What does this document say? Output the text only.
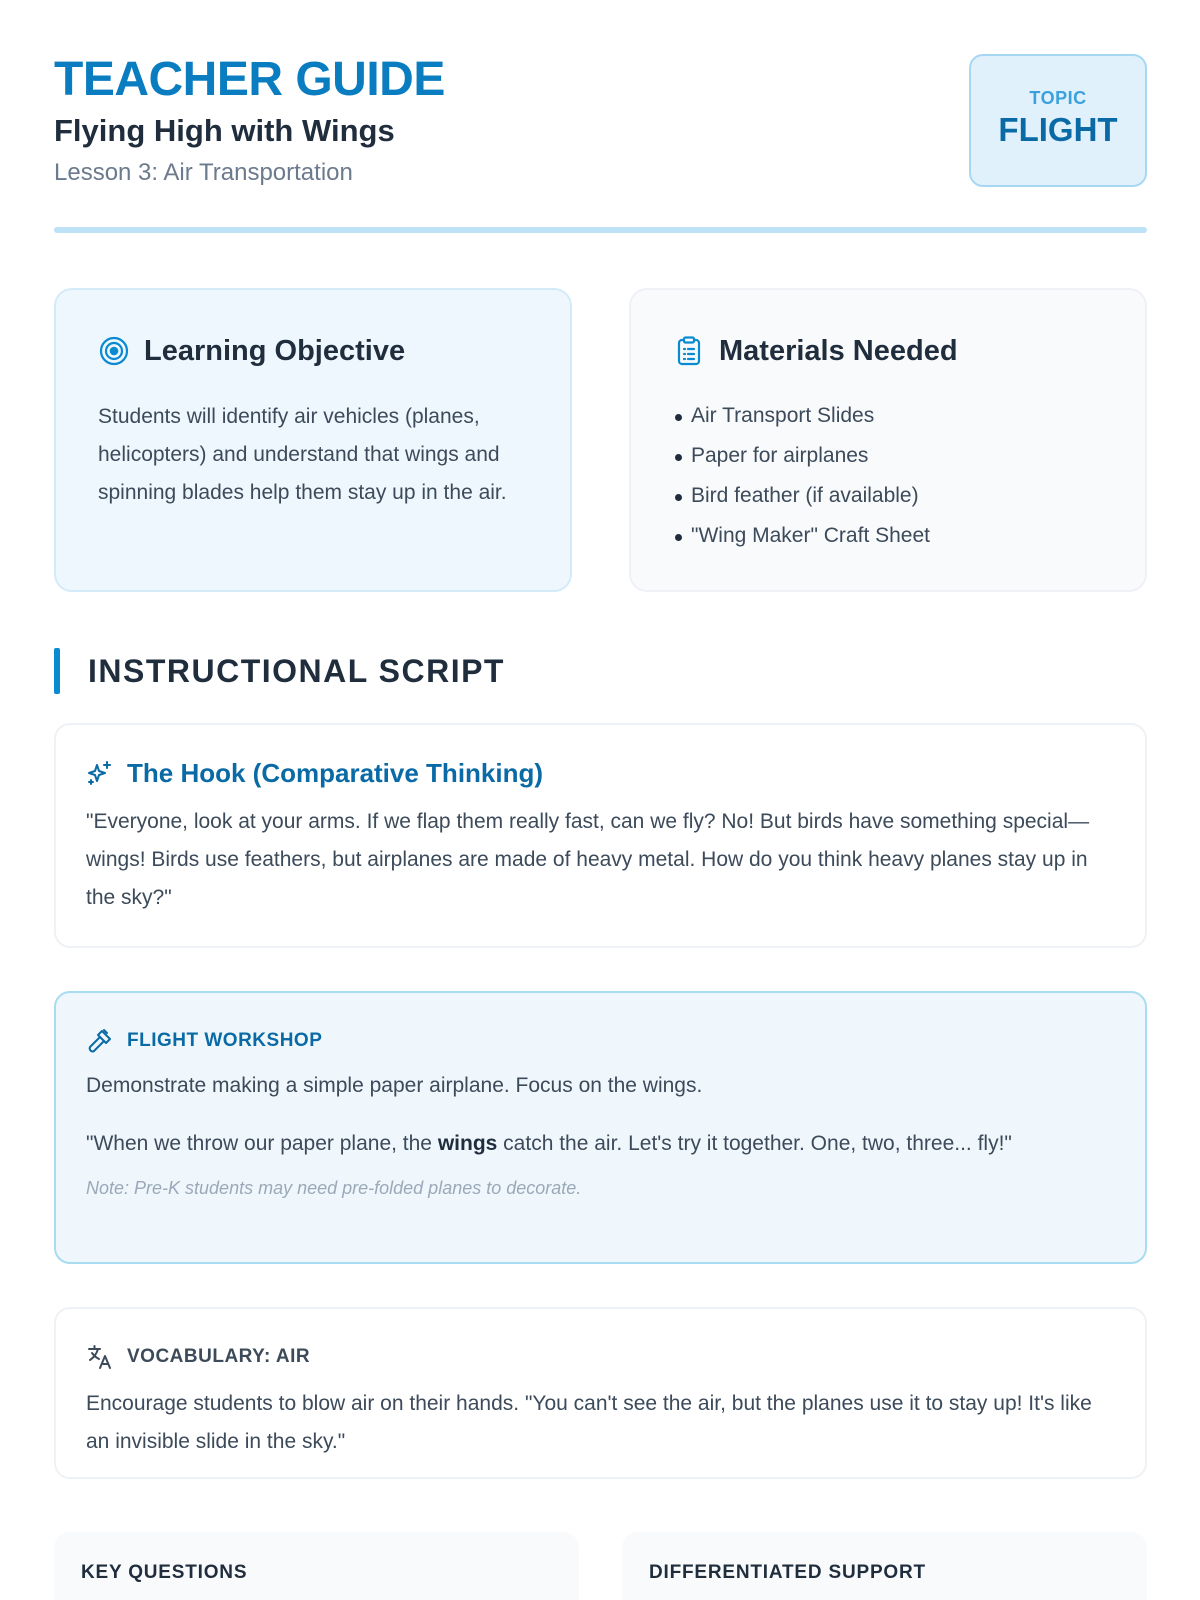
TEACHER GUIDE
Flying High with Wings
Lesson 3: Air Transportation
TOPIC
FLIGHT
Learning Objective
Students will identify air vehicles (planes, helicopters) and understand that wings and spinning blades help them stay up in the air.
Materials Needed
Air Transport Slides
Paper for airplanes
Bird feather (if available)
"Wing Maker" Craft Sheet
INSTRUCTIONAL SCRIPT
The Hook (Comparative Thinking)
"Everyone, look at your arms. If we flap them really fast, can we fly? No! But birds have something special—wings! Birds use feathers, but airplanes are made of heavy metal. How do you think heavy planes stay up in the sky?"
FLIGHT WORKSHOP
Demonstrate making a simple paper airplane. Focus on the wings.
"When we throw our paper plane, the wings catch the air. Let's try it together. One, two, three... fly!"
Note: Pre-K students may need pre-folded planes to decorate.
VOCABULARY: AIR
Encourage students to blow air on their hands. "You can't see the air, but the planes use it to stay up! It's like an invisible slide in the sky."
KEY QUESTIONS	DIFFERENTIATED SUPPORT
